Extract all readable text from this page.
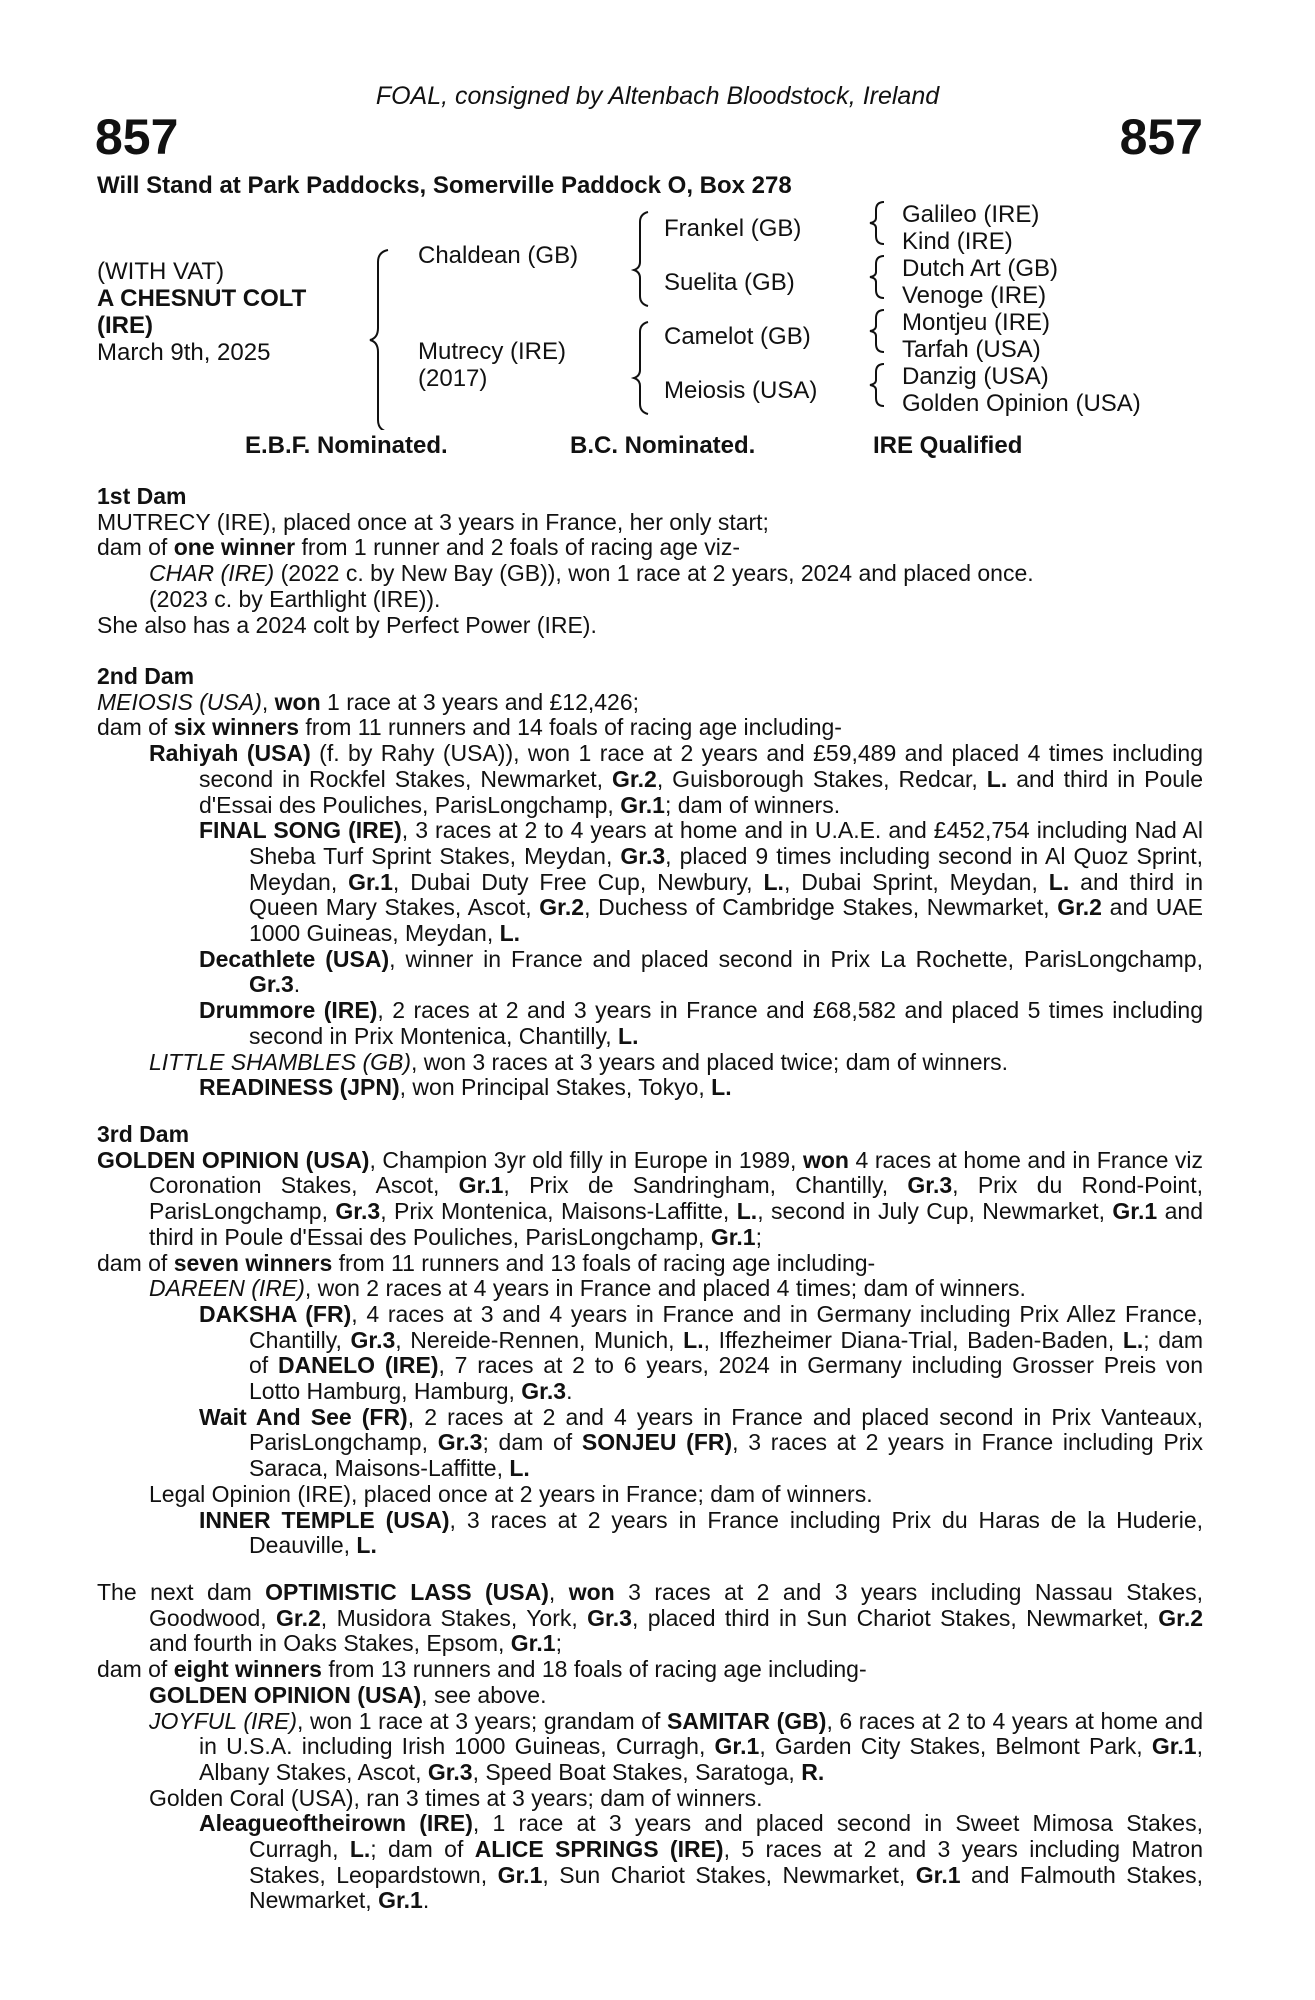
FOAL, consigned by Altenbach Bloodstock, Ireland
857	857
Will Stand at Park Paddocks, Somerville Paddock O, Box 278
(WITH VAT)
A CHESNUT COLT
(IRE)
March 9th, 2025
Chaldean (GB)
Mutrecy (IRE)
(2017)
Frankel (GB)
Suelita (GB)
Camelot (GB)
Meiosis (USA)
Galileo (IRE)
Kind (IRE)
Dutch Art (GB)
Venoge (IRE)
Montjeu (IRE)
Tarfah (USA)
Danzig (USA)
Golden Opinion (USA)
E.B.F. Nominated.	B.C. Nominated.	IRE Qualified

1st Dam

MUTRECY (IRE), placed once at 3 years in France, her only start;

dam of one winner from 1 runner and 2 foals of racing age viz-

CHAR (IRE) (2022 c. by New Bay (GB)), won 1 race at 2 years, 2024 and placed once.

(2023 c. by Earthlight (IRE)).

She also has a 2024 colt by Perfect Power (IRE).

2nd Dam

MEIOSIS (USA), won 1 race at 3 years and £12,426;

dam of six winners from 11 runners and 14 foals of racing age including-

Rahiyah (USA) (f. by Rahy (USA)), won 1 race at 2 years and £59,489 and placed 4 times including second in Rockfel Stakes, Newmarket, Gr.2, Guisborough Stakes, Redcar, L. and third in Poule d'Essai des Pouliches, ParisLongchamp, Gr.1; dam of winners.

FINAL SONG (IRE), 3 races at 2 to 4 years at home and in U.A.E. and £452,754 including Nad Al Sheba Turf Sprint Stakes, Meydan, Gr.3, placed 9 times including second in Al Quoz Sprint, Meydan, Gr.1, Dubai Duty Free Cup, Newbury, L., Dubai Sprint, Meydan, L. and third in Queen Mary Stakes, Ascot, Gr.2, Duchess of Cambridge Stakes, Newmarket, Gr.2 and UAE 1000 Guineas, Meydan, L.

Decathlete (USA), winner in France and placed second in Prix La Rochette, ParisLongchamp, Gr.3.

Drummore (IRE), 2 races at 2 and 3 years in France and £68,582 and placed 5 times including second in Prix Montenica, Chantilly, L.

LITTLE SHAMBLES (GB), won 3 races at 3 years and placed twice; dam of winners.

READINESS (JPN), won Principal Stakes, Tokyo, L.

3rd Dam

GOLDEN OPINION (USA), Champion 3yr old filly in Europe in 1989, won 4 races at home and in France viz Coronation Stakes, Ascot, Gr.1, Prix de Sandringham, Chantilly, Gr.3, Prix du Rond-Point, ParisLongchamp, Gr.3, Prix Montenica, Maisons-Laffitte, L., second in July Cup, Newmarket, Gr.1 and third in Poule d'Essai des Pouliches, ParisLongchamp, Gr.1;

dam of seven winners from 11 runners and 13 foals of racing age including-

DAREEN (IRE), won 2 races at 4 years in France and placed 4 times; dam of winners.

DAKSHA (FR), 4 races at 3 and 4 years in France and in Germany including Prix Allez France, Chantilly, Gr.3, Nereide-Rennen, Munich, L., Iffezheimer Diana-Trial, Baden-Baden, L.; dam of DANELO (IRE), 7 races at 2 to 6 years, 2024 in Germany including Grosser Preis von Lotto Hamburg, Hamburg, Gr.3.

Wait And See (FR), 2 races at 2 and 4 years in France and placed second in Prix Vanteaux, ParisLongchamp, Gr.3; dam of SONJEU (FR), 3 races at 2 years in France including Prix Saraca, Maisons-Laffitte, L.

Legal Opinion (IRE), placed once at 2 years in France; dam of winners.

INNER TEMPLE (USA), 3 races at 2 years in France including Prix du Haras de la Huderie, Deauville, L.

The next dam OPTIMISTIC LASS (USA), won 3 races at 2 and 3 years including Nassau Stakes, Goodwood, Gr.2, Musidora Stakes, York, Gr.3, placed third in Sun Chariot Stakes, Newmarket, Gr.2 and fourth in Oaks Stakes, Epsom, Gr.1;

dam of eight winners from 13 runners and 18 foals of racing age including-

GOLDEN OPINION (USA), see above.

JOYFUL (IRE), won 1 race at 3 years; grandam of SAMITAR (GB), 6 races at 2 to 4 years at home and in U.S.A. including Irish 1000 Guineas, Curragh, Gr.1, Garden City Stakes, Belmont Park, Gr.1, Albany Stakes, Ascot, Gr.3, Speed Boat Stakes, Saratoga, R.

Golden Coral (USA), ran 3 times at 3 years; dam of winners.

Aleagueoftheirown (IRE), 1 race at 3 years and placed second in Sweet Mimosa Stakes, Curragh, L.; dam of ALICE SPRINGS (IRE), 5 races at 2 and 3 years including Matron Stakes, Leopardstown, Gr.1, Sun Chariot Stakes, Newmarket, Gr.1 and Falmouth Stakes, Newmarket, Gr.1.
